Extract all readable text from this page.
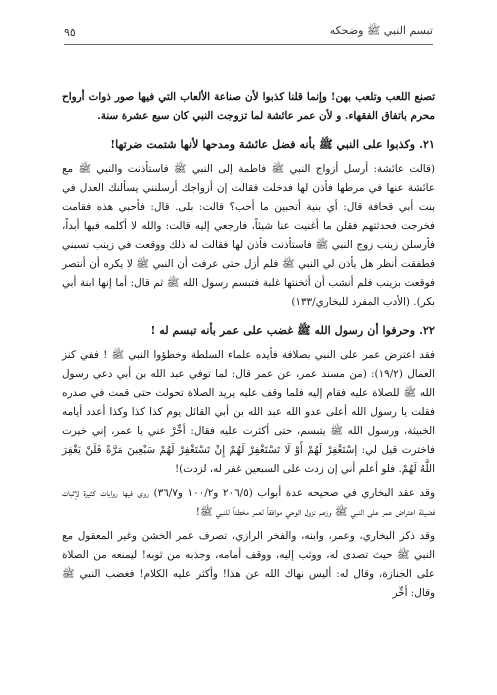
تبسم النبي ﷺ وضحكه
٩٥

تصنع اللعب وتلعب بهن! وإنما قلنا كذبوا لأن صناعة الألعاب التي فيها صور ذوات أرواح محرم باتفاق الفقهاء. و لأن عمر عائشة لما تزوجت النبي كان سبع عشرة سنة.

٢١. وكذبوا على النبي ﷺ بأنه فضل عائشة ومدحها لأنها شتمت ضرتها!

(قالت عائشة: أرسل أزواج النبي ﷺ فاطمة إلى النبي ﷺ فاستأذنت والنبي ﷺ مع عائشة عنها في مرطها فأذن لها فدخلت فقالت إن أزواجك أرسلنني يسألنك العدل في بنت أبي قحافة قال: أي بنية أتحبين ما أحب؟ قالت: بلى. قال: فأحبي هذه فقامت فخرجت فحدثتهم فقلن ما أغنيت عنا شيئاً، فارجعي إليه قالت: والله لا أكلمه فيها أبداً، فأرسلن زينب زوج النبي ﷺ فاستأذنت فأذن لها فقالت له ذلك ووقعت في زينب تسبني فطفقت أنظر هل يأذن لي النبي ﷺ فلم أزل حتى عرفت أن النبي ﷺ لا يكره أن أنتصر فوقعت بزينب فلم أنشب أن أثخنتها غلبة فتبسم رسول الله ﷺ ثم قال: أما إنها ابنة أبي بكر). (الأدب المفرد للبخاري/١٣٣)

٢٢. وحرفوا أن رسول الله ﷺ غضب على عمر بأنه تبسم له !

فقد اعترض عمر على النبي بصلافة فأيده علماء السلطة وخطؤوا النبي ﷺ ! ففي كنز العمال (١٩/٢): (من مسند عمر، عن عمر قال: لما توفي عبد الله بن أبي دعي رسول الله ﷺ للصلاة عليه فقام إليه فلما وقف عليه يريد الصلاة تحولت حتى قمت في صدره فقلت يا رسول الله أعلى عدو الله عبد الله بن أبي القائل يوم كذا كذا وكذا أعدد أيامه الخبيثة، ورسول الله ﷺ يتبسم، حتى أكثرت عليه فقال: أخِّرْ عني يا عمر، إني خيرت فاخترت قيل لي: إسْتَغْفِرْ لَهُمْ أَوْ لَا تَسْتَغْفِرْ لَهُمْ إِنْ تَسْتَغْفِرْ لَهُمْ سَبْعِينَ مَرَّةً فَلَنْ يَغْفِرَ اللَّهُ لَهُمْ. فلو أعلم أني إن زدت على السبعين غفر له، لزدت)!

وقد عقد البخاري في صحيحه عدة أبواب (٢٠٦/٥ و١٠٠/٢ و٣٦/٧) روى فيها روايات كثيرة لإثبات فضيلة اعتراض عمر على النبي ﷺ وزعم نزول الوحي موافقاً لعمر مخطئاً للنبي ﷺ!

وقد ذكر البخاري، وعمر، وابنه، والفخر الرازي، تصرف عمر الخشن وغير المعقول مع النبي ﷺ حيث تصدى له، ووثب إليه، ووقف أمامه، وجذبه من ثوبه! ليمنعه من الصلاة على الجنازة، وقال له: أليس نهاك الله عن هذا! وأكثر عليه الكلام! فغضب النبي ﷺ وقال: أخِّر
